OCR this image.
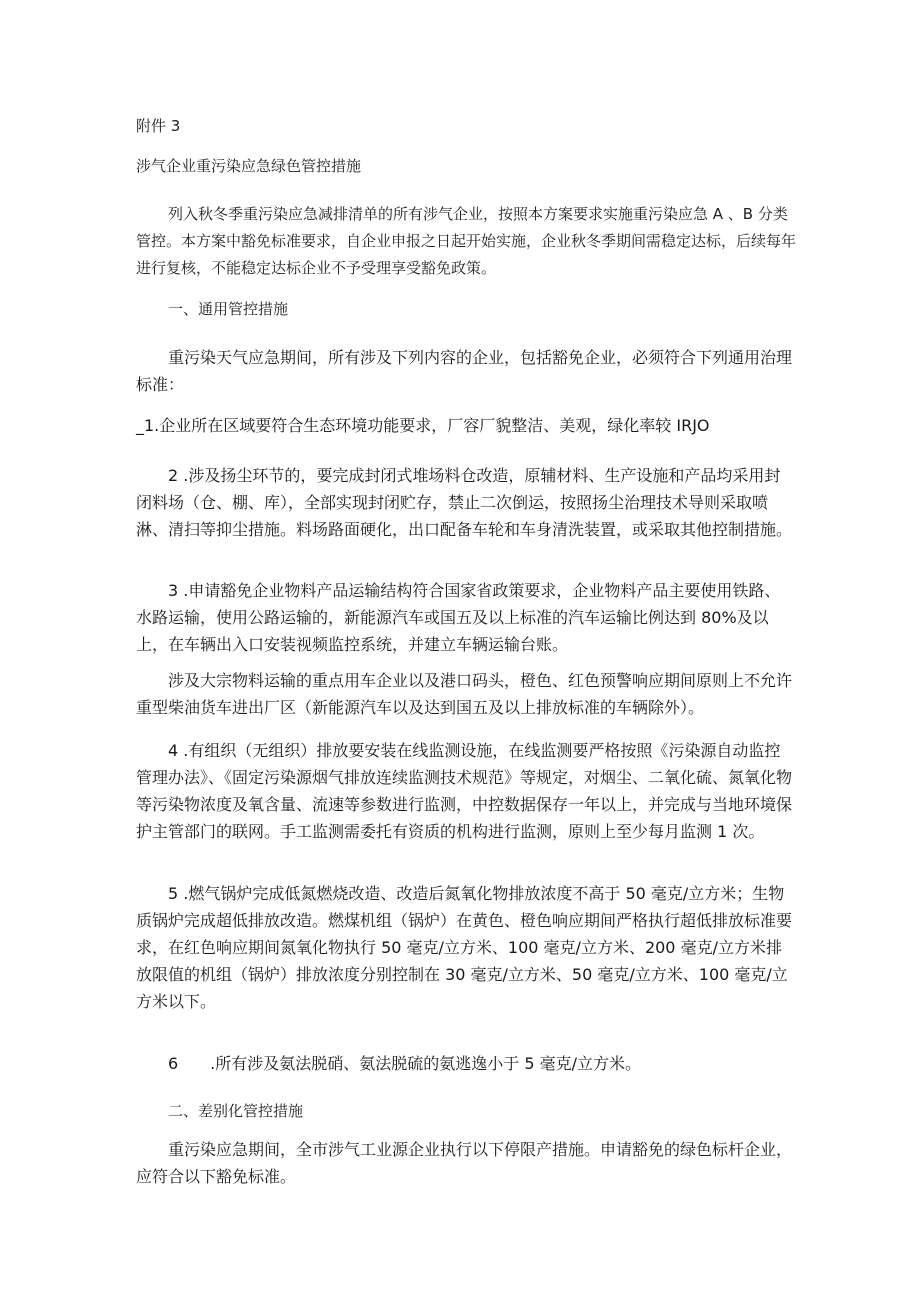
附件 3

涉气企业重污染应急绿色管控措施

列入秋冬季重污染应急减排清单的所有涉气企业，按照本方案要求实施重污染应急 A 、B 分类管控。本方案中豁免标准要求，自企业申报之日起开始实施，企业秋冬季期间需稳定达标，后续每年进行复核，不能稳定达标企业不予受理享受豁免政策。

一、通用管控措施

重污染天气应急期间，所有涉及下列内容的企业，包括豁免企业，必须符合下列通用治理标准：

_1.企业所在区域要符合生态环境功能要求，厂容厂貌整洁、美观，绿化率较 IRJO

2 .涉及扬尘环节的，要完成封闭式堆场料仓改造，原辅材料、生产设施和产品均采用封闭料场（仓、棚、库），全部实现封闭贮存，禁止二次倒运，按照扬尘治理技术导则采取喷淋、清扫等抑尘措施。料场路面硬化，出口配备车轮和车身清洗装置，或采取其他控制措施。

3 .申请豁免企业物料产品运输结构符合国家省政策要求，企业物料产品主要使用铁路、水路运输，使用公路运输的，新能源汽车或国五及以上标准的汽车运输比例达到 80%及以上，在车辆出入口安装视频监控系统，并建立车辆运输台账。

涉及大宗物料运输的重点用车企业以及港口码头，橙色、红色预警响应期间原则上不允许重型柴油货车进出厂区（新能源汽车以及达到国五及以上排放标准的车辆除外）。

4 .有组织（无组织）排放要安装在线监测设施，在线监测要严格按照《污染源自动监控管理办法》、《固定污染源烟气排放连续监测技术规范》等规定，对烟尘、二氧化硫、氮氧化物等污染物浓度及氧含量、流速等参数进行监测，中控数据保存一年以上，并完成与当地环境保护主管部门的联网。手工监测需委托有资质的机构进行监测，原则上至少每月监测 1 次。

5 .燃气锅炉完成低氮燃烧改造、改造后氮氧化物排放浓度不高于 50 毫克/立方米；生物质锅炉完成超低排放改造。燃煤机组（锅炉）在黄色、橙色响应期间严格执行超低排放标准要求，在红色响应期间氮氧化物执行 50 毫克/立方米、100 毫克/立方米、200 毫克/立方米排放限值的机组（锅炉）排放浓度分别控制在 30 毫克/立方米、50 毫克/立方米、100 毫克/立方米以下。

6　　.所有涉及氨法脱硝、氨法脱硫的氨逃逸小于 5 毫克/立方米。

二、差别化管控措施

重污染应急期间，全市涉气工业源企业执行以下停限产措施。申请豁免的绿色标杆企业，应符合以下豁免标准。
